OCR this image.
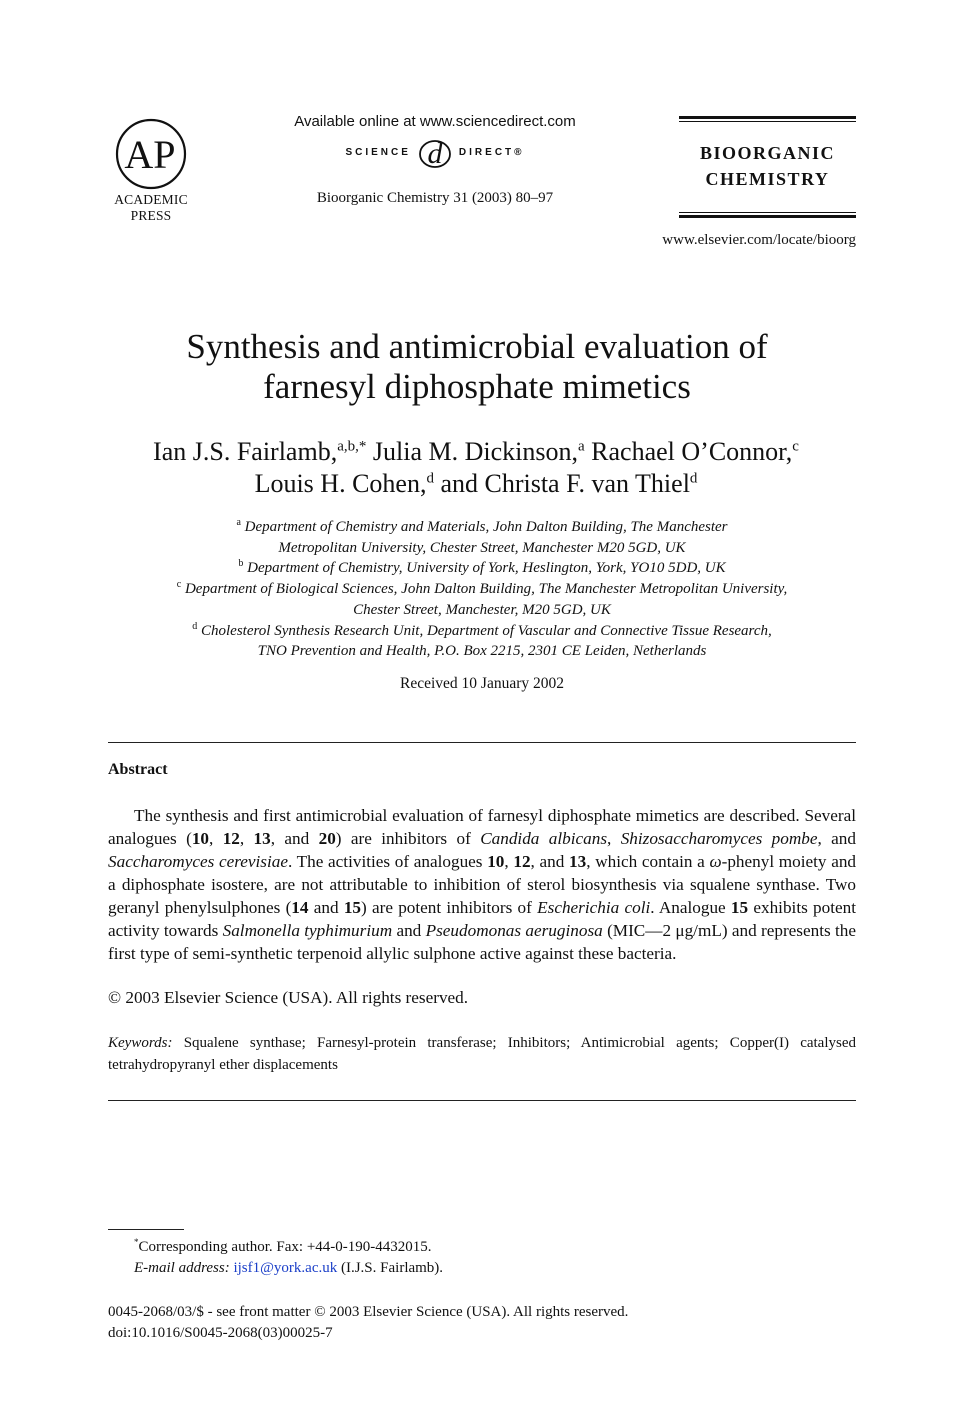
AP
ACADEMIC
PRESS
Available online at www.sciencedirect.com
SCIENCE d DIRECT®
Bioorganic Chemistry 31 (2003) 80–97
BIOORGANIC
CHEMISTRY
www.elsevier.com/locate/bioorg
Synthesis and antimicrobial evaluation of
farnesyl diphosphate mimetics
Ian J.S. Fairlamb,$^{a,b,*}$ Julia M. Dickinson,$^a$ Rachael O’Connor,$^c$
Louis H. Cohen,$^d$ and Christa F. van Thiel$^d$
$^a$ Department of Chemistry and Materials, John Dalton Building, The Manchester
Metropolitan University, Chester Street, Manchester M20 5GD, UK
$^b$ Department of Chemistry, University of York, Heslington, York, YO10 5DD, UK
$^c$ Department of Biological Sciences, John Dalton Building, The Manchester Metropolitan University,
Chester Street, Manchester, M20 5GD, UK
$^d$ Cholesterol Synthesis Research Unit, Department of Vascular and Connective Tissue Research,
TNO Prevention and Health, P.O. Box 2215, 2301 CE Leiden, Netherlands
Received 10 January 2002
Abstract

The synthesis and first antimicrobial evaluation of farnesyl diphosphate mimetics are described. Several analogues (10, 12, 13, and 20) are inhibitors of Candida albicans, Shizosaccharomyces pombe, and Saccharomyces cerevisiae. The activities of analogues 10, 12, and 13, which contain a ω-phenyl moiety and a diphosphate isostere, are not attributable to inhibition of sterol biosynthesis via squalene synthase. Two geranyl phenylsulphones (14 and 15) are potent inhibitors of Escherichia coli. Analogue 15 exhibits potent activity towards Salmonella typhimurium and Pseudomonas aeruginosa (MIC—2 μg/mL) and represents the first type of semi-synthetic terpenoid allylic sulphone active against these bacteria.

© 2003 Elsevier Science (USA). All rights reserved.
Keywords: Squalene synthase; Farnesyl-protein transferase; Inhibitors; Antimicrobial agents; Copper(I) catalysed tetrahydropyranyl ether displacements
*Corresponding author. Fax: +44-0-190-4432015.
E-mail address: ijsf1@york.ac.uk (I.J.S. Fairlamb).
0045-2068/03/$ - see front matter © 2003 Elsevier Science (USA). All rights reserved.
doi:10.1016/S0045-2068(03)00025-7
